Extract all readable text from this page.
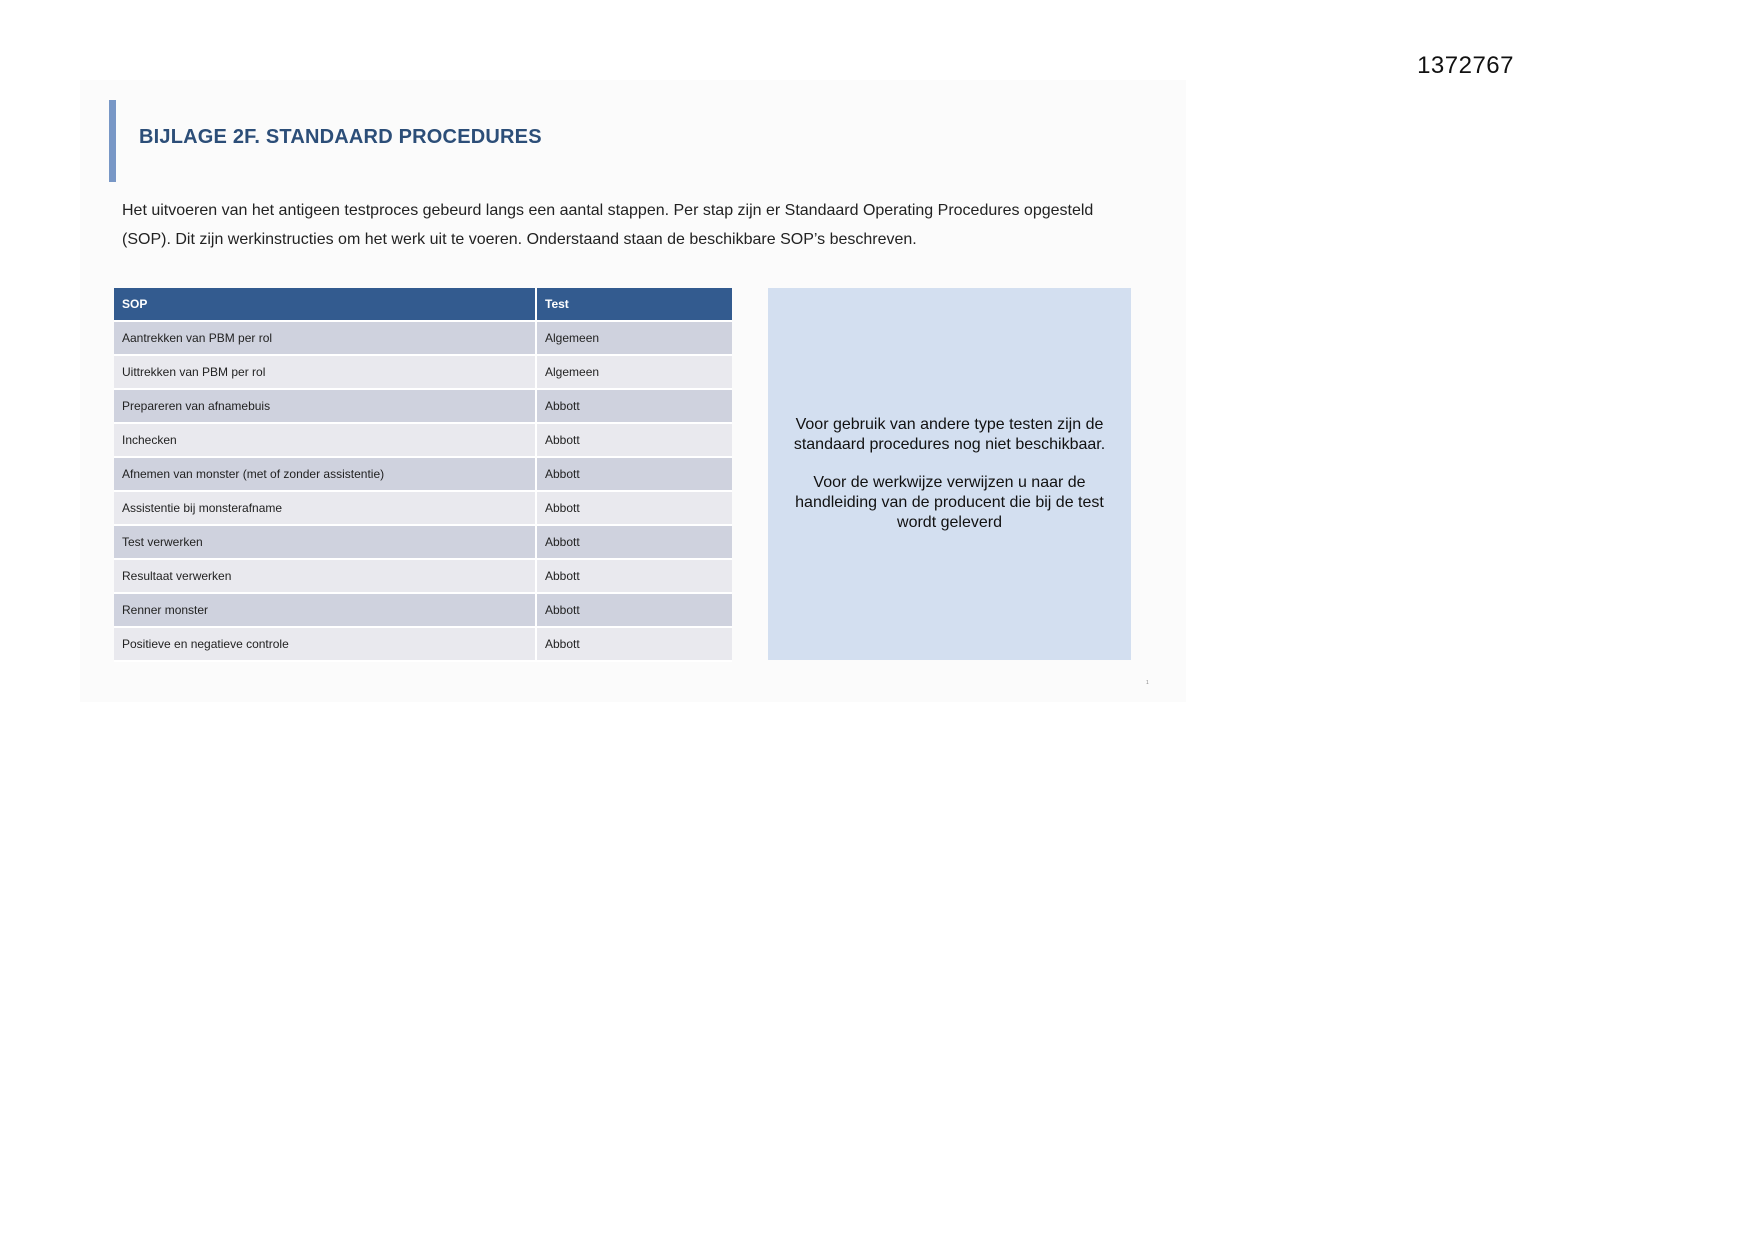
1372767
BIJLAGE 2F. STANDAARD PROCEDURES
Het uitvoeren van het antigeen testproces gebeurd langs een aantal stappen. Per stap zijn er Standaard Operating Procedures opgesteld (SOP). Dit zijn werkinstructies om het werk uit te voeren. Onderstaand staan de beschikbare SOP’s beschreven.
SOP	Test
Aantrekken van PBM per rol	Algemeen
Uittrekken van PBM per rol	Algemeen
Prepareren van afnamebuis	Abbott
Inchecken	Abbott
Afnemen van monster (met of zonder assistentie)	Abbott
Assistentie bij monsterafname	Abbott
Test verwerken	Abbott
Resultaat verwerken	Abbott
Renner monster	Abbott
Positieve en negatieve controle	Abbott

Voor gebruik van andere type testen zijn de standaard procedures nog niet beschikbaar.

Voor de werkwijze verwijzen u naar de handleiding van de producent die bij de test wordt geleverd

1
